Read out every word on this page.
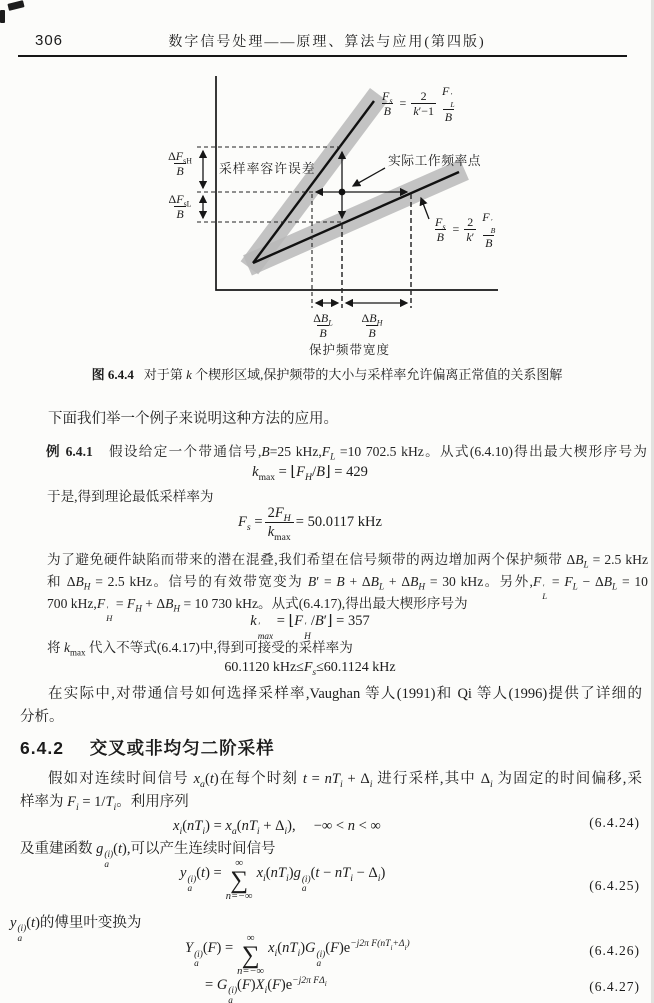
306	数字信号处理——原理、算法与应用(第四版)
$\Delta F_{sH}$
B
$\Delta F_{sL}$
B
采样率容许误差
实际工作频率点
$\frac{F_s}{B} = \frac{2}{k'-1}$ F ′
L
B
$\frac{F_s}{B} = \frac{2}{k'}$ F ′
B
B
$\Delta B_L$
B
$\Delta B_H$
B
保护频带宽度
图 6.4.4 对于第 k 个楔形区域,保护频带的大小与采样率允许偏离正常值的关系图解
下面我们举一个例子来说明这种方法的应用。
例 6.4.1　假设给定一个带通信号,B=25 $kHz,F_L =10$ 702.5 kHz。从式(6.4.10)得出最大楔形序号为
$k_{max}$ = $⌊F_H/B⌋ = 429$
于是,得到理论最低采样率为
$F_s$ =
$2F_H$
$k_{max}$
= 50.0117 kHz
为了避免硬件缺陷而带来的潜在混叠,我们希望在信号频带的两边增加两个保护频带 $\Delta B_L = 2.5$ kHz
和 $\Delta B_H = 2.5$ kHz。信号的有效带宽变为 $B' = B + \Delta B_L + \Delta B_H = 30$ kHz。另外,F ′
L
= $F_L - \Delta B_L = 10$
700 kHz,F ′
H
= $F_H + \Delta B_H = 10$ 730 kHz。从式(6.4.17),得出最大楔形序号为
k ′
max
= ⌊F ′
H
/B′⌋ = 357
将 $k_{max}$ 代入不等式(6.4.17)中,得到可接受的采样率为
60.1120 $kHz\le F_s\le 60.1124$ kHz
在实际中,对带通信号如何选择采样率,Vaughan 等人(1991)和 Qi 等人(1996)提供了详细的
分析。
6.4.2 交叉或非均匀二阶采样
假如对连续时间信号 $x_a(t)$在每个时刻 $t = nT_i + \Delta_i$ 进行采样,其中 $\Delta_i$ 为固定的时间偏移,采
样率为 $F_i = 1/T_i$。利用序列
$x_i(nT_i) = x_a(nT_i + \Delta_i)$,　 −∞ < n < ∞	(6.4.24)
及重建函数 g (i)
a
(t),可以产生连续时间信号
y (i)
a
(t) =
∞
∑
n=−∞
$x_i(nT_i)g$ (i)
a
$(t - nT_i - \Delta_i)$
(6.4.25)
y (i)
a
(t)的傅里叶变换为
Y (i)
a
(F) =
∞
∑
n=−∞
$x_i(nT_i)G$ (i)
a
$(F)e^{-j2\pi F(nTi+\Delta i)}$	(6.4.26)
= G (i)
a
$(F)X_i(F)e^{-j2\pi F\Delta i}$	(6.4.27)
